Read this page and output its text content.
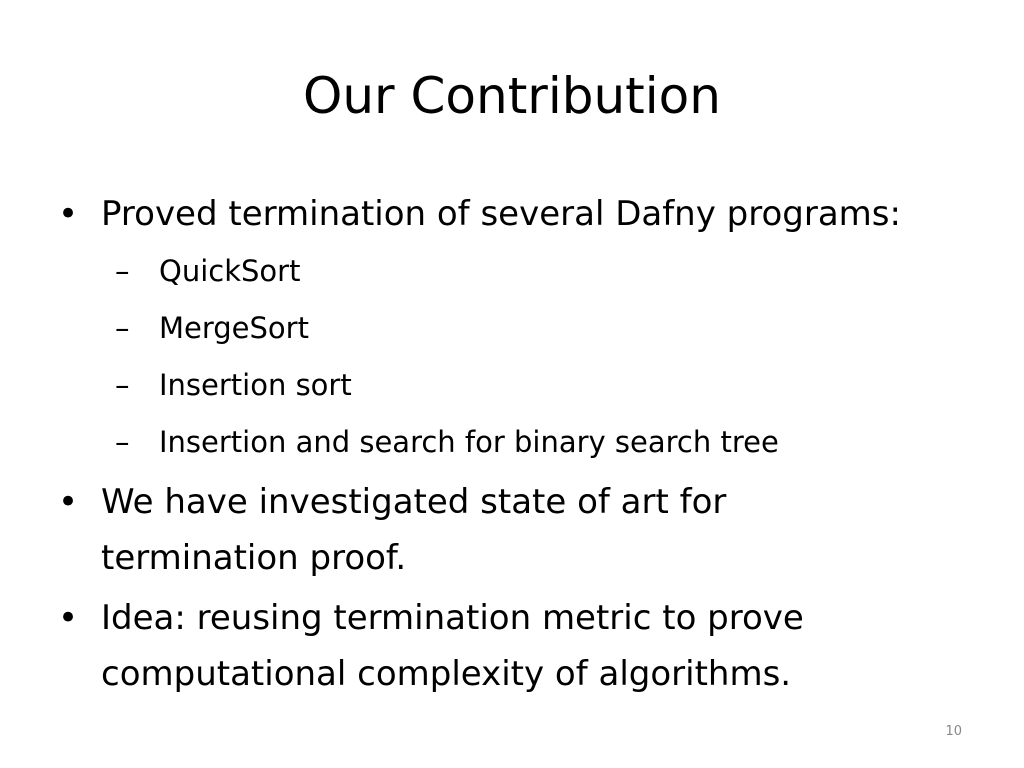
Our Contribution
• Proved termination of several Dafny programs:
– QuickSort
– MergeSort
– Insertion sort
– Insertion and search for binary search tree
• We have investigated state of art for termination proof.
• Idea: reusing termination metric to prove computational complexity of algorithms.
10
